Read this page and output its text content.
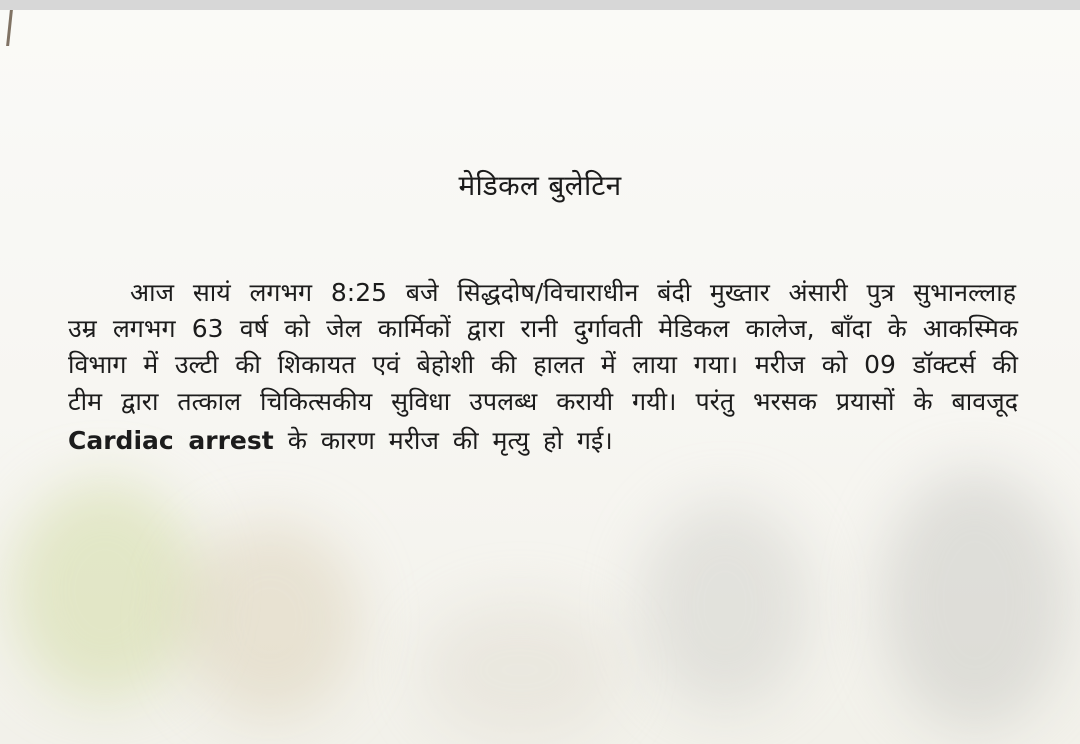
मेडिकल बुलेटिन
आज सायं लगभग 8:25 बजे सिद्धदोष/विचाराधीन बंदी मुख्तार अंसारी पुत्र सुभानल्लाह
उम्र लगभग 63 वर्ष को जेल कार्मिकों द्वारा रानी दुर्गावती मेडिकल कालेज, बाँदा के आकस्मिक
विभाग में उल्टी की शिकायत एवं बेहोशी की हालत में लाया गया। मरीज को 09 डॉक्टर्स की
टीम द्वारा तत्काल चिकित्सकीय सुविधा उपलब्ध करायी गयी। परंतु भरसक प्रयासों के बावजूद
Cardiac arrest के कारण मरीज की मृत्यु हो गई।
